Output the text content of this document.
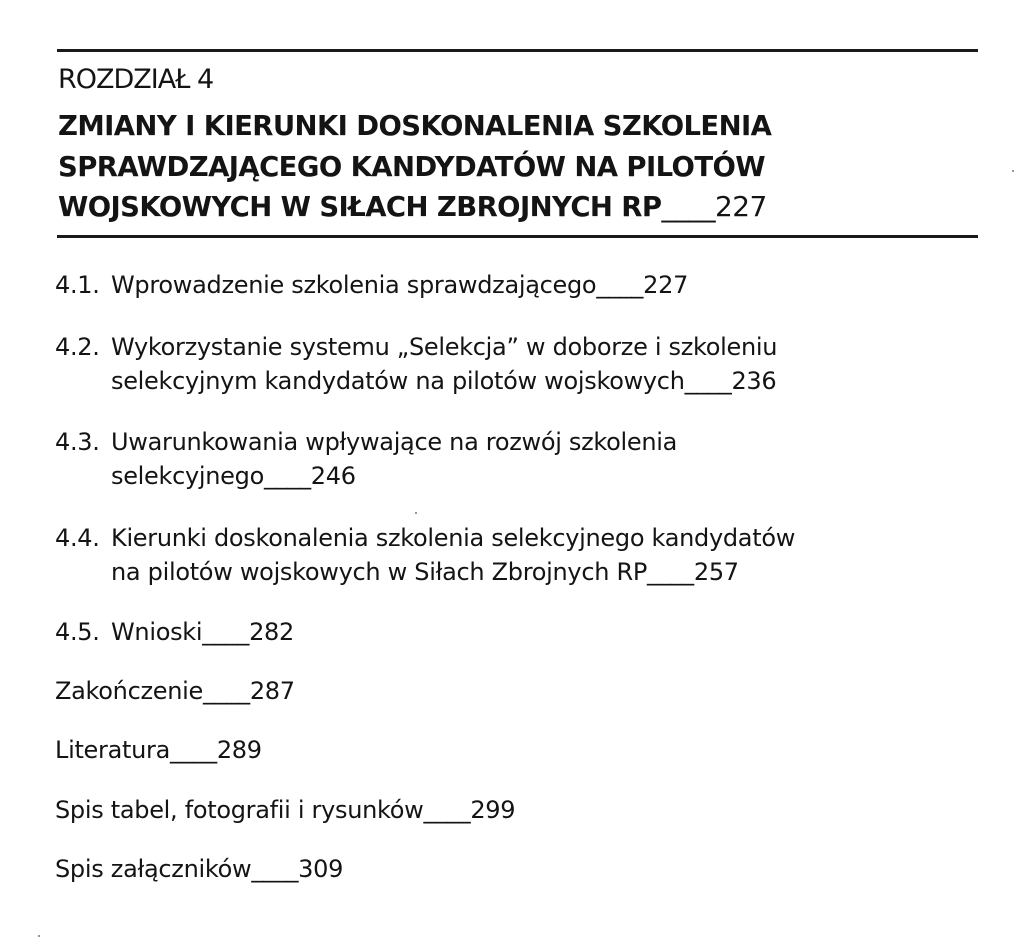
ROZDZIAŁ 4
ZMIANY I KIERUNKI DOSKONALENIA SZKOLENIA
SPRAWDZAJĄCEGO KANDYDATÓW NA PILOTÓW
WOJSKOWYCH W SIŁACH ZBROJNYCH RP ____ 227
4.1. Wprowadzenie szkolenia sprawdzającego ____ 227
4.2. Wykorzystanie systemu „Selekcja” w doborze i szkoleniu
selekcyjnym kandydatów na pilotów wojskowych ____ 236
4.3. Uwarunkowania wpływające na rozwój szkolenia
selekcyjnego ____ 246
4.4. Kierunki doskonalenia szkolenia selekcyjnego kandydatów
na pilotów wojskowych w Siłach Zbrojnych RP ____ 257
4.5. Wnioski ____ 282
Zakończenie ____ 287
Literatura ____ 289
Spis tabel, fotografii i rysunków ____ 299
Spis załączników ____ 309
